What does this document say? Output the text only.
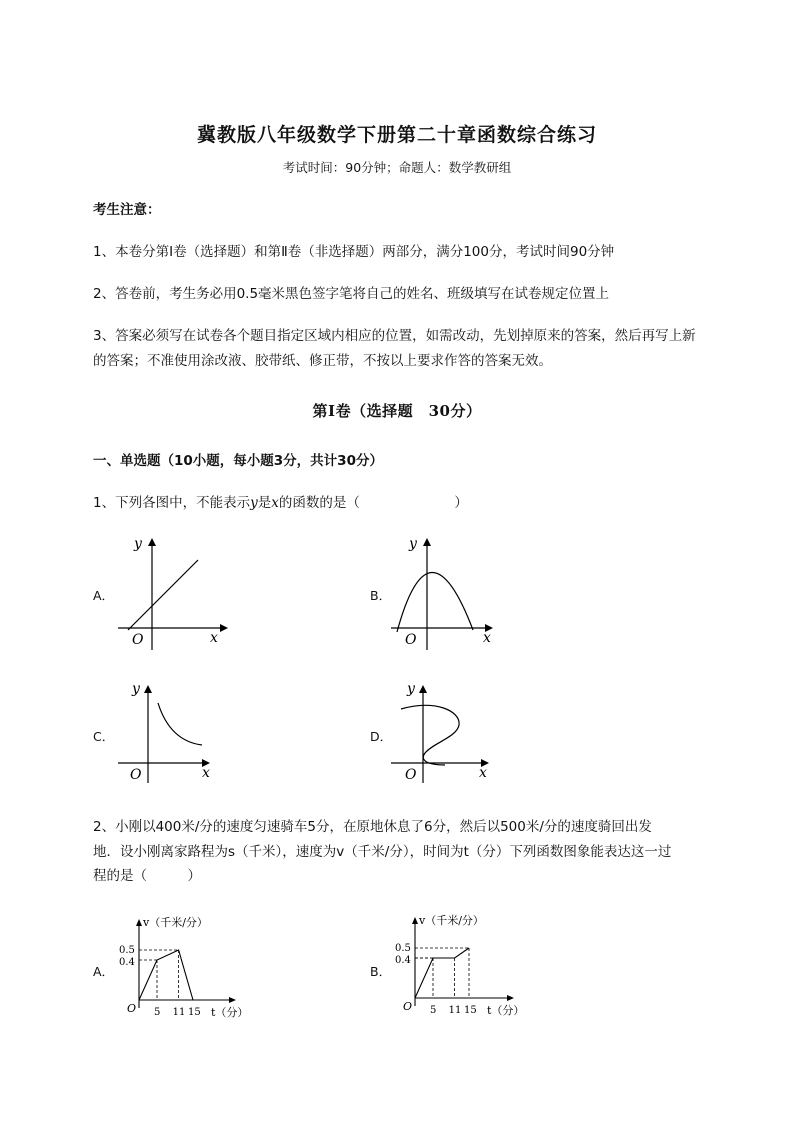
冀教版八年级数学下册第二十章函数综合练习
考试时间：90分钟；命题人：数学教研组
考生注意：
1、本卷分第I卷（选择题）和第Ⅱ卷（非选择题）两部分，满分100分，考试时间90分钟
2、答卷前，考生务必用0.5毫米黑色签字笔将自己的姓名、班级填写在试卷规定位置上
3、答案必须写在试卷各个题目指定区域内相应的位置，如需改动，先划掉原来的答案，然后再写上新
的答案；不准使用涂改液、胶带纸、修正带，不按以上要求作答的答案无效。
第I卷（选择题　30分）
一、单选题（10小题，每小题3分，共计30分）
1、下列各图中，不能表示y是x的函数的是（　　　　　　　）
A．	B．
C．	D．
y
x
O
y
x
O
y
x
O
y
x
O
2、小刚以400米/分的速度匀速骑车5分，在原地休息了6分，然后以500米/分的速度骑回出发
地．设小刚离家路程为s（千米），速度为v（千米/分），时间为t（分）下列函数图象能表达这一过
程的是（　　　）
A．	B．
v（千米/分）
0.5
0.4
5 11 15 t（分）
O
v（千米/分）
0.5
0.4
5 11 15 t（分）
O
